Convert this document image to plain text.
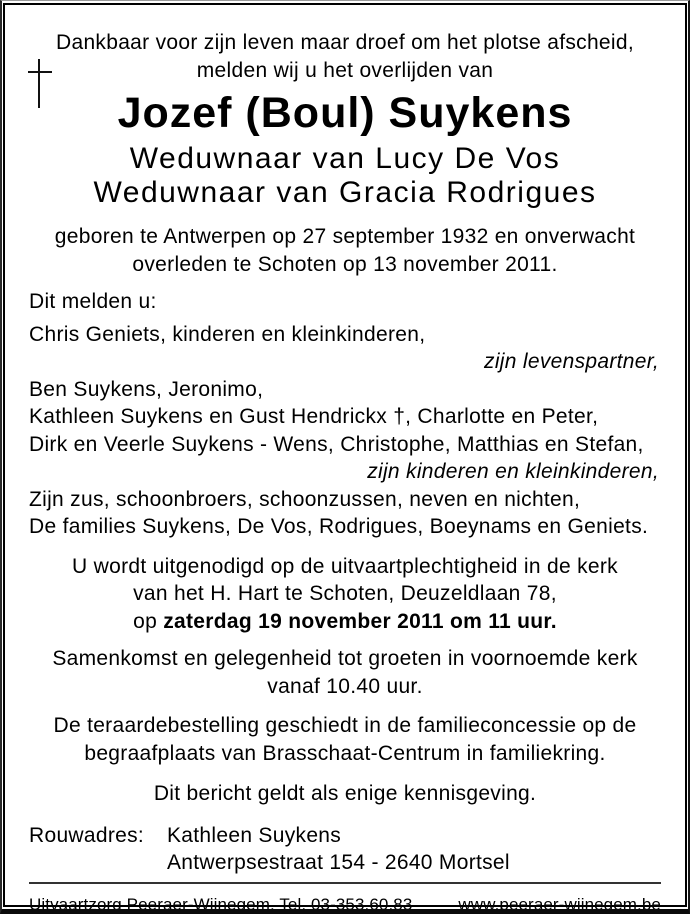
Dankbaar voor zijn leven maar droef om het plotse afscheid,
melden wij u het overlijden van

Jozef (Boul) Suykens
Weduwnaar van Lucy De Vos
Weduwnaar van Gracia Rodrigues

geboren te Antwerpen op 27 september 1932 en onverwacht
overleden te Schoten op 13 november 2011.

Dit melden u:

Chris Geniets, kinderen en kleinkinderen,
zijn levenspartner,
Ben Suykens, Jeronimo,
Kathleen Suykens en Gust Hendrickx †, Charlotte en Peter,
Dirk en Veerle Suykens - Wens, Christophe, Matthias en Stefan,
zijn kinderen en kleinkinderen,
Zijn zus, schoonbroers, schoonzussen, neven en nichten,
De families Suykens, De Vos, Rodrigues, Boeynams en Geniets.

U wordt uitgenodigd op de uitvaartplechtigheid in de kerk
van het H. Hart te Schoten, Deuzeldlaan 78,
op zaterdag 19 november 2011 om 11 uur.

Samenkomst en gelegenheid tot groeten in voornoemde kerk
vanaf 10.40 uur.

De teraardebestelling geschiedt in de familieconcessie op de
begraafplaats van Brasschaat-Centrum in familiekring.

Dit bericht geldt als enige kennisgeving.

Rouwadres:	Kathleen Suykens
Antwerpsestraat 154 - 2640 Mortsel
Uitvaartzorg Peeraer-Wijnegem. Tel. 03-353.60.83	www.peeraer-wijnegem.be
